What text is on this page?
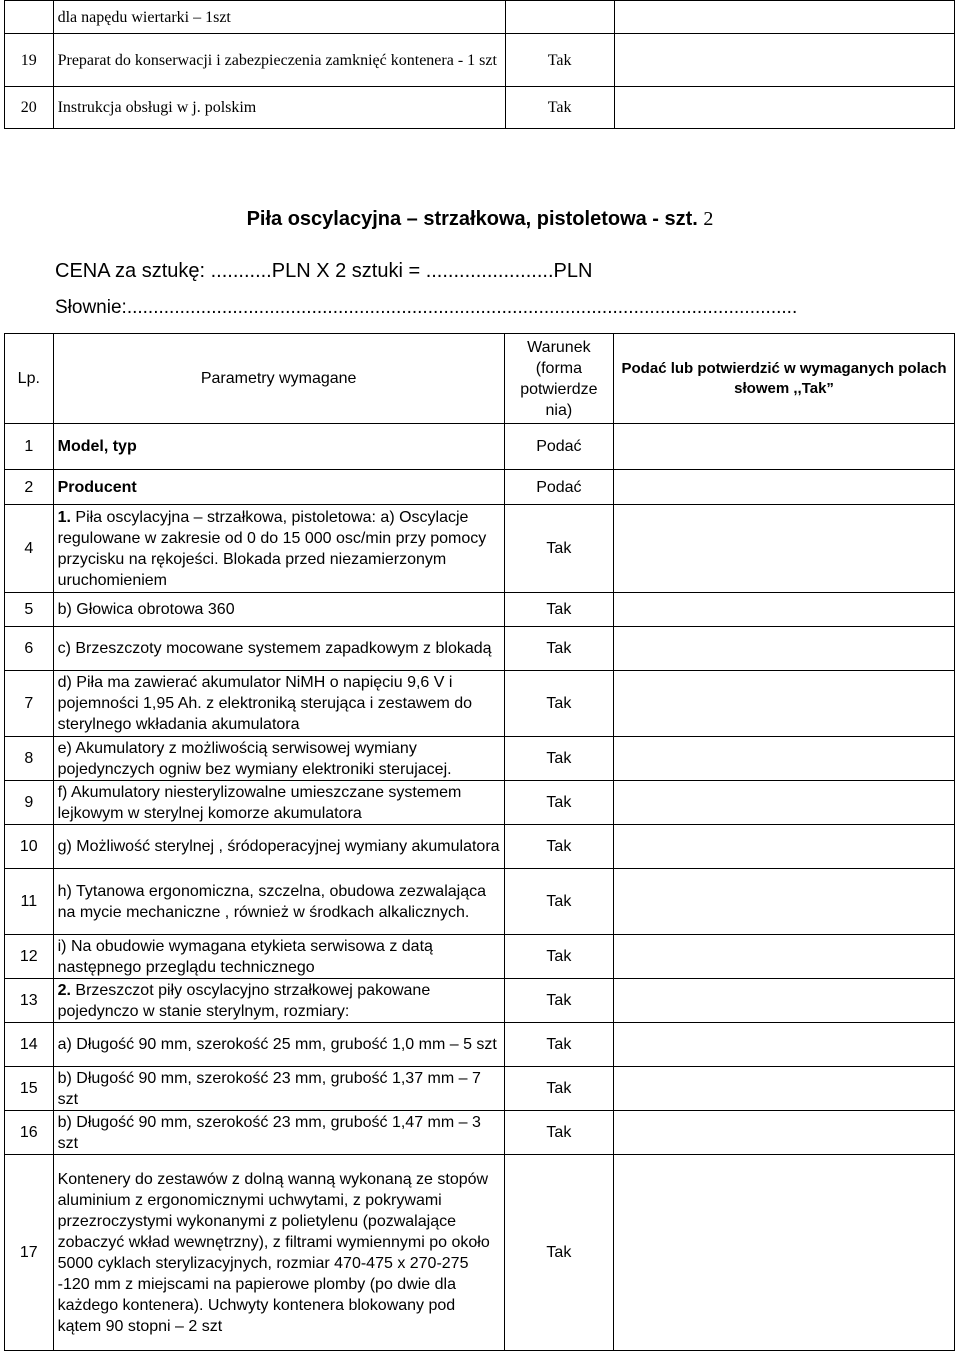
	dla napędu wiertarki – 1szt		
19	Preparat do konserwacji i zabezpieczenia zamknięć kontenera - 1 szt	Tak	
20	Instrukcja obsługi w j. polskim	Tak	
Piła oscylacyjna – strzałkowa, pistoletowa - szt. 2
CENA za sztukę: ...........PLN X 2 sztuki = .......................PLN
Słownie:...............................................................................................................................
Lp.	Parametry wymagane	Warunek (forma potwierdze nia)	Podać lub potwierdzić w wymaganych polach słowem ,,Tak”
1	Model, typ	Podać	
2	Producent	Podać	
4	1. Piła oscylacyjna – strzałkowa, pistoletowa: a) Oscylacje regulowane w zakresie od 0 do 15 000 osc/min przy pomocy przycisku na rękojeści. Blokada przed niezamierzonym uruchomieniem	Tak	
5	b) Głowica obrotowa 360	Tak	
6	c) Brzeszczoty mocowane systemem zapadkowym z blokadą	Tak	
7	d) Piła ma zawierać akumulator NiMH o napięciu 9,6 V i pojemności 1,95 Ah. z elektroniką sterująca i zestawem do sterylnego wkładania akumulatora	Tak	
8	e) Akumulatory z możliwością serwisowej wymiany pojedynczych ogniw bez wymiany elektroniki sterujacej.	Tak	
9	f) Akumulatory niesterylizowalne umieszczane systemem lejkowym w sterylnej komorze akumulatora	Tak	
10	g) Możliwość sterylnej , śródoperacyjnej wymiany akumulatora	Tak	
11	h) Tytanowa ergonomiczna, szczelna, obudowa zezwalająca na mycie mechaniczne , również w środkach alkalicznych.	Tak	
12	i) Na obudowie wymagana etykieta serwisowa z datą następnego przeglądu technicznego	Tak	
13	2. Brzeszczot piły oscylacyjno strzałkowej pakowane pojedynczo w stanie sterylnym, rozmiary:	Tak	
14	a) Długość 90 mm, szerokość 25 mm, grubość 1,0 mm – 5 szt	Tak	
15	b) Długość 90 mm, szerokość 23 mm, grubość 1,37 mm – 7 szt	Tak	
16	b) Długość 90 mm, szerokość 23 mm, grubość 1,47 mm – 3 szt	Tak	
17	Kontenery do zestawów z dolną wanną wykonaną ze stopów aluminium z ergonomicznymi uchwytami, z pokrywami przezroczystymi wykonanymi z polietylenu (pozwalające zobaczyć wkład wewnętrzny), z filtrami wymiennymi po około 5000 cyklach sterylizacyjnych, rozmiar 470-475 x 270-275 -120 mm z miejscami na papierowe plomby (po dwie dla każdego kontenera). Uchwyty kontenera blokowany pod kątem 90 stopni – 2 szt	Tak	
